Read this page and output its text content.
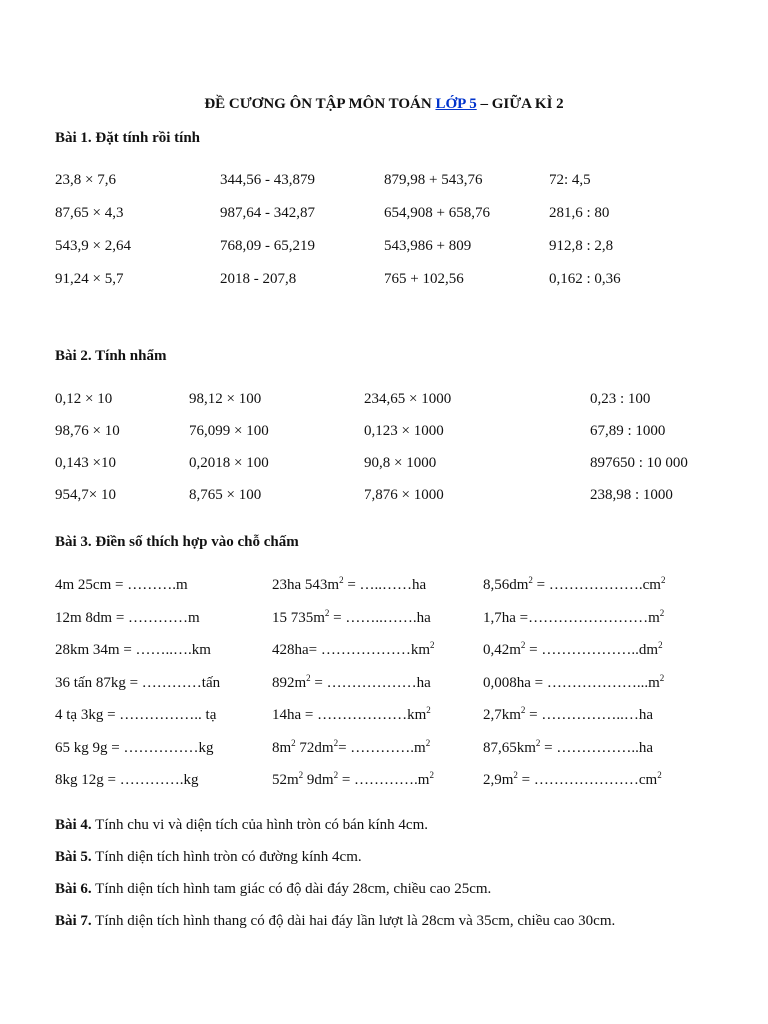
ĐỀ CƯƠNG ÔN TẬP MÔN TOÁN LỚP 5 – GIỮA KÌ 2
Bài 1. Đặt tính rồi tính
23,8 × 7,6	344,56 - 43,879	879,98 + 543,76	72: 4,5
87,65 × 4,3	987,64 - 342,87	654,908 + 658,76	281,6 : 80
543,9 × 2,64	768,09 - 65,219	543,986 + 809	912,8 : 2,8
91,24 × 5,7	2018 - 207,8	765 + 102,56	0,162 : 0,36
Bài 2. Tính nhẩm
0,12 × 10	98,12 × 100	234,65 × 1000	0,23 : 100
98,76 × 10	76,099 × 100	0,123 × 1000	67,89 : 1000
0,143 ×10	0,2018 × 100	90,8 × 1000	897650 : 10 000
954,7× 10	8,765 × 100	7,876 × 1000	238,98 : 1000
Bài 3. Điền số thích hợp vào chỗ chấm
4m 25cm = ……….m	23ha $543m^2$ = …..……ha	$8,56dm^2$ = $\dots\dots\dots\dots\dots\dots.cm^2$
12m 8dm = …………m	15 $735m^2$ = ……..…….ha	$1,7ha =\dots\dots\dots\dots\dots\dots\dots\dots m^2$
28km 34m = ……..….km	$428ha= \dots\dots\dots\dots\dots\dots km^2$	$0,42m^2$ = $\dots\dots\dots\dots\dots\dots..dm^2$
36 tấn 87kg = …………tấn	$892m^2$ = ………………ha	$0,008ha = \dots\dots\dots\dots\dots\dots...m^2$
4 tạ 3kg = …………….. tạ	$14ha = \dots\dots\dots\dots\dots\dots km^2$	$2,7km^2$ = ……………..…ha
65 kg 9g = ……………kg	$8m^2$ $72dm^2=$ $\dots\dots\dots\dots.m^2$	$87,65km^2$ = ……………..ha
8kg 12g = ………….kg	$52m^2$ $9dm^2$ = $\dots\dots\dots\dots.m^2$	$2,9m^2$ = $\dots\dots\dots\dots\dots\dots\dots cm^2$
Bài 4. Tính chu vi và diện tích của hình tròn có bán kính 4cm.
Bài 5. Tính diện tích hình tròn có đường kính 4cm.
Bài 6. Tính diện tích hình tam giác có độ dài đáy 28cm, chiều cao 25cm.
Bài 7. Tính diện tích hình thang có độ dài hai đáy lần lượt là 28cm và 35cm, chiều cao 30cm.
